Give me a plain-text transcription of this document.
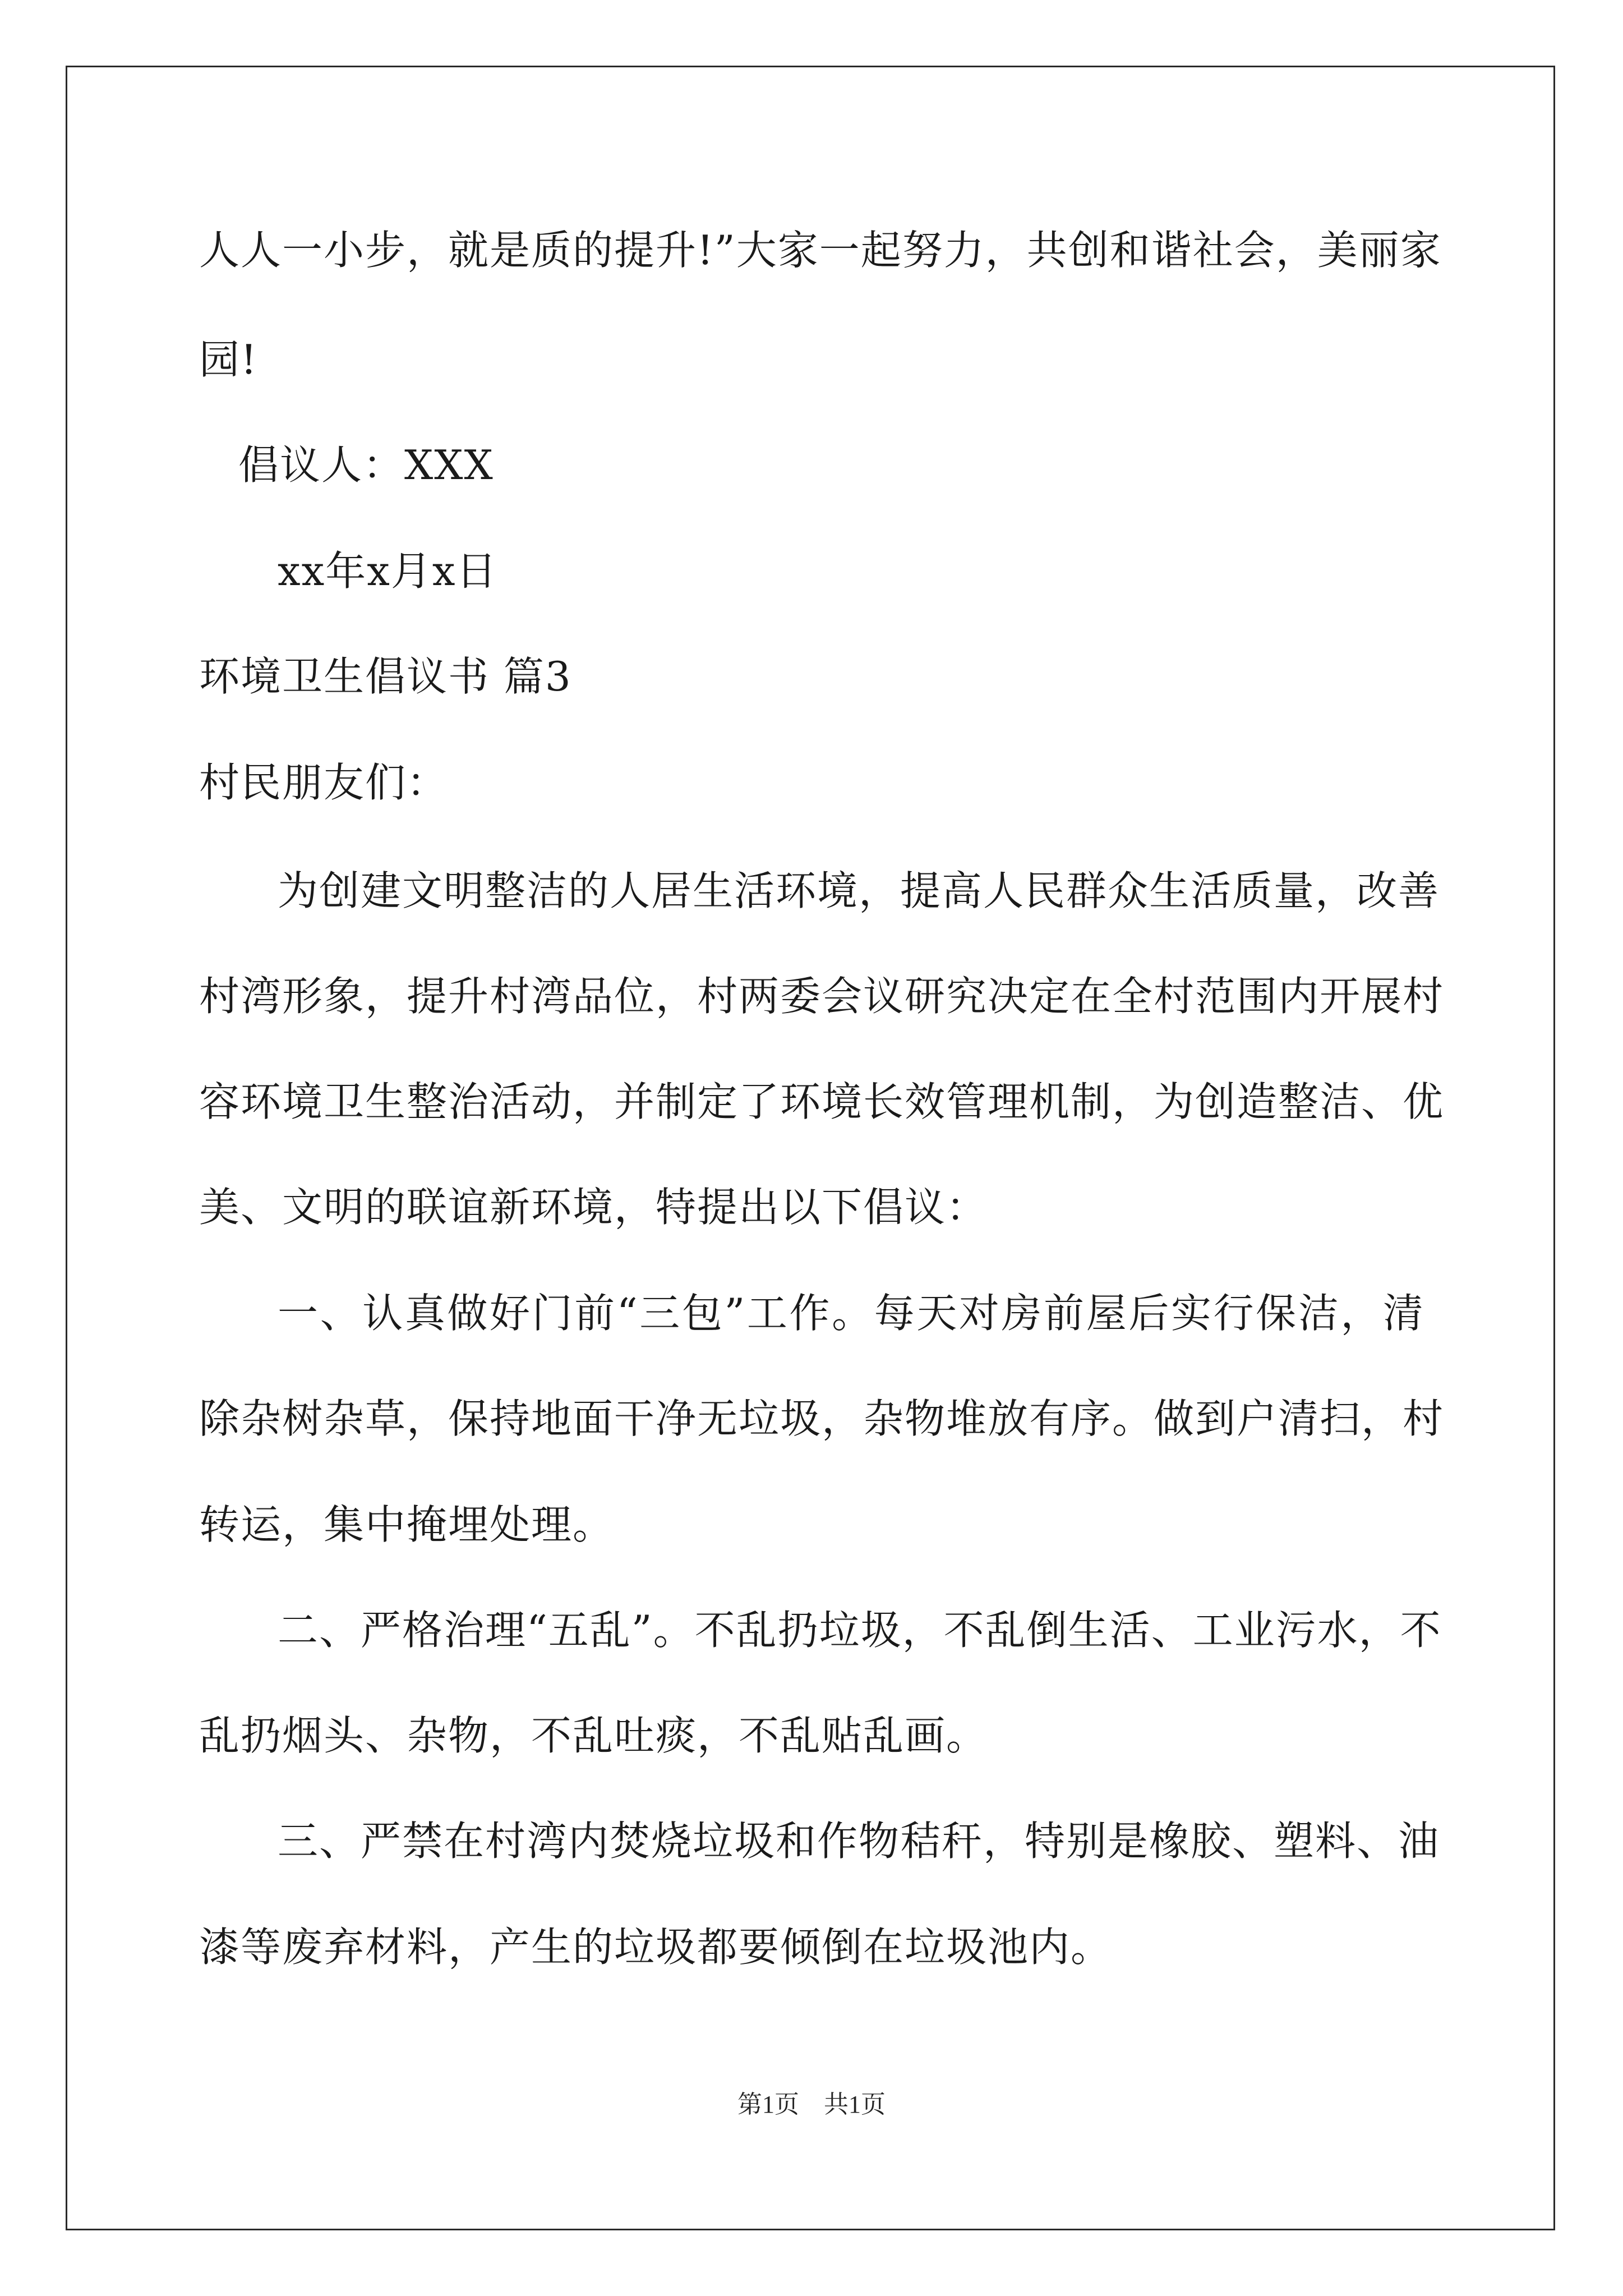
人人一小步，就是质的提升!”大家一起努力，共创和谐社会，美丽家
园!
倡议人：XXX
xx年x月x日
环境卫生倡议书 篇3
村民朋友们：
为创建文明整洁的人居生活环境，提高人民群众生活质量，改善
村湾形象，提升村湾品位，村两委会议研究决定在全村范围内开展村
容环境卫生整治活动，并制定了环境长效管理机制，为创造整洁、优
美、文明的联谊新环境，特提出以下倡议：
一、认真做好门前“三包”工作。每天对房前屋后实行保洁，清
除杂树杂草，保持地面干净无垃圾，杂物堆放有序。做到户清扫，村
转运，集中掩埋处理。
二、严格治理“五乱”。不乱扔垃圾，不乱倒生活、工业污水，不
乱扔烟头、杂物，不乱吐痰，不乱贴乱画。
三、严禁在村湾内焚烧垃圾和作物秸秆，特别是橡胶、塑料、油
漆等废弃材料，产生的垃圾都要倾倒在垃圾池内。
第1页　共1页
